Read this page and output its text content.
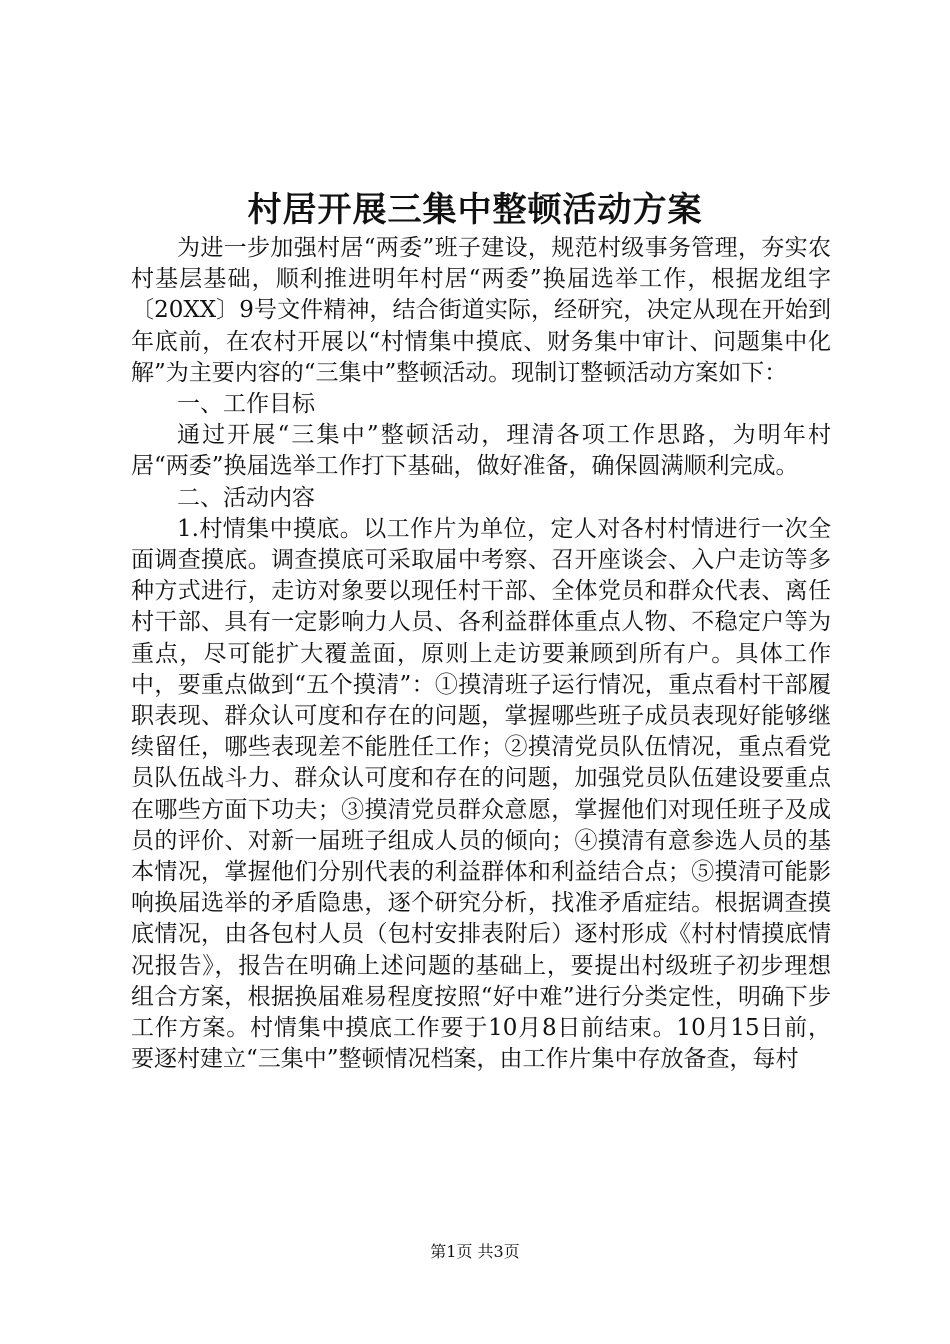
村居开展三集中整顿活动方案

为进一步加强村居“两委”班子建设，规范村级事务管理，夯实农村基层基础，顺利推进明年村居“两委”换届选举工作，根据龙组字〔20XX〕9号文件精神，结合街道实际，经研究，决定从现在开始到年底前，在农村开展以“村情集中摸底、财务集中审计、问题集中化解”为主要内容的“三集中”整顿活动。现制订整顿活动方案如下：

一、工作目标

通过开展“三集中”整顿活动，理清各项工作思路，为明年村居“两委”换届选举工作打下基础，做好准备，确保圆满顺利完成。

二、活动内容

1.村情集中摸底。以工作片为单位，定人对各村村情进行一次全面调查摸底。调查摸底可采取届中考察、召开座谈会、入户走访等多种方式进行，走访对象要以现任村干部、全体党员和群众代表、离任村干部、具有一定影响力人员、各利益群体重点人物、不稳定户等为重点，尽可能扩大覆盖面，原则上走访要兼顾到所有户。具体工作中，要重点做到“五个摸清”：①摸清班子运行情况，重点看村干部履职表现、群众认可度和存在的问题，掌握哪些班子成员表现好能够继续留任，哪些表现差不能胜任工作；②摸清党员队伍情况，重点看党员队伍战斗力、群众认可度和存在的问题，加强党员队伍建设要重点在哪些方面下功夫；③摸清党员群众意愿，掌握他们对现任班子及成员的评价、对新一届班子组成人员的倾向；④摸清有意参选人员的基本情况，掌握他们分别代表的利益群体和利益结合点；⑤摸清可能影响换届选举的矛盾隐患，逐个研究分析，找准矛盾症结。根据调查摸底情况，由各包村人员（包村安排表附后）逐村形成《村村情摸底情况报告》，报告在明确上述问题的基础上，要提出村级班子初步理想组合方案，根据换届难易程度按照“好中难”进行分类定性，明确下步工作方案。村情集中摸底工作要于10月8日前结束。10月15日前，要逐村建立“三集中”整顿情况档案，由工作片集中存放备查，每村

第1页 共3页
